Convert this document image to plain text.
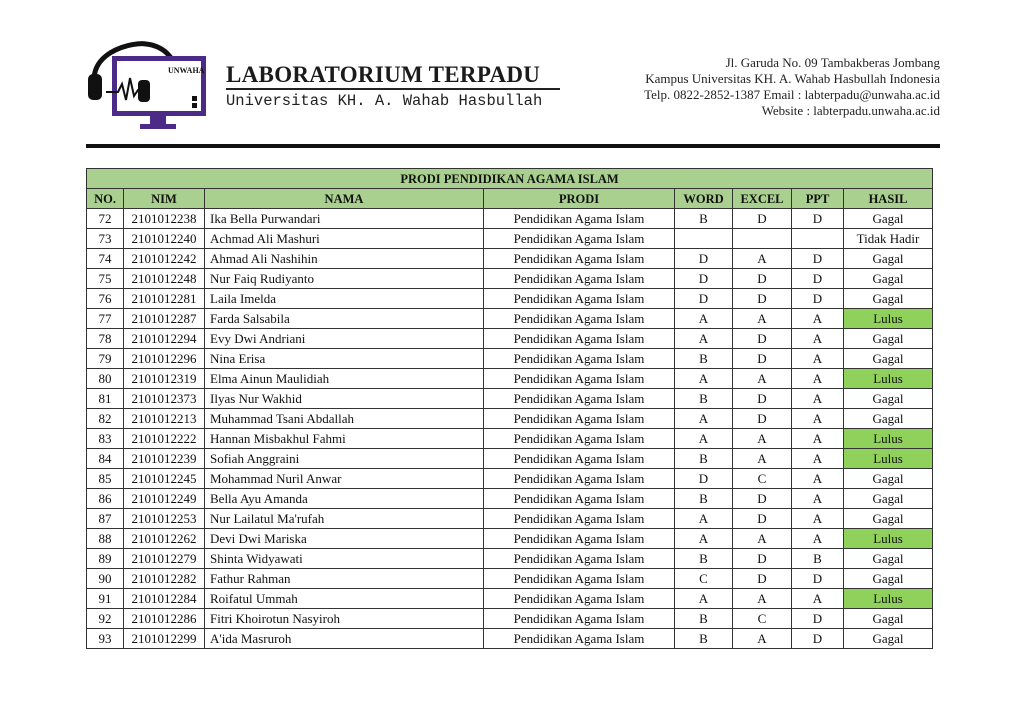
UNWAHA LABORATORIUM TERPADU
Universitas KH. A. Wahab Hasbullah
Jl. Garuda No. 09 Tambakberas Jombang
Kampus Universitas KH. A. Wahab Hasbullah Indonesia
Telp. 0822-2852-1387 Email : labterpadu@unwaha.ac.id
Website : labterpadu.unwaha.ac.id
PRODI PENDIDIKAN AGAMA ISLAM							
NO.	NIM	NAMA	PRODI	WORD	EXCEL	PPT	HASIL
72	2101012238	Ika Bella Purwandari	Pendidikan Agama Islam	B	D	D	Gagal
73	2101012240	Achmad Ali Mashuri	Pendidikan Agama Islam				Tidak Hadir
74	2101012242	Ahmad Ali Nashihin	Pendidikan Agama Islam	D	A	D	Gagal
75	2101012248	Nur Faiq Rudiyanto	Pendidikan Agama Islam	D	D	D	Gagal
76	2101012281	Laila Imelda	Pendidikan Agama Islam	D	D	D	Gagal
77	2101012287	Farda Salsabila	Pendidikan Agama Islam	A	A	A	Lulus
78	2101012294	Evy Dwi Andriani	Pendidikan Agama Islam	A	D	A	Gagal
79	2101012296	Nina Erisa	Pendidikan Agama Islam	B	D	A	Gagal
80	2101012319	Elma Ainun Maulidiah	Pendidikan Agama Islam	A	A	A	Lulus
81	2101012373	Ilyas Nur Wakhid	Pendidikan Agama Islam	B	D	A	Gagal
82	2101012213	Muhammad Tsani Abdallah	Pendidikan Agama Islam	A	D	A	Gagal
83	2101012222	Hannan Misbakhul Fahmi	Pendidikan Agama Islam	A	A	A	Lulus
84	2101012239	Sofiah Anggraini	Pendidikan Agama Islam	B	A	A	Lulus
85	2101012245	Mohammad Nuril Anwar	Pendidikan Agama Islam	D	C	A	Gagal
86	2101012249	Bella Ayu Amanda	Pendidikan Agama Islam	B	D	A	Gagal
87	2101012253	Nur Lailatul Ma'rufah	Pendidikan Agama Islam	A	D	A	Gagal
88	2101012262	Devi Dwi Mariska	Pendidikan Agama Islam	A	A	A	Lulus
89	2101012279	Shinta Widyawati	Pendidikan Agama Islam	B	D	B	Gagal
90	2101012282	Fathur Rahman	Pendidikan Agama Islam	C	D	D	Gagal
91	2101012284	Roifatul Ummah	Pendidikan Agama Islam	A	A	A	Lulus
92	2101012286	Fitri Khoirotun Nasyiroh	Pendidikan Agama Islam	B	C	D	Gagal
93	2101012299	A'ida Masruroh	Pendidikan Agama Islam	B	A	D	Gagal
